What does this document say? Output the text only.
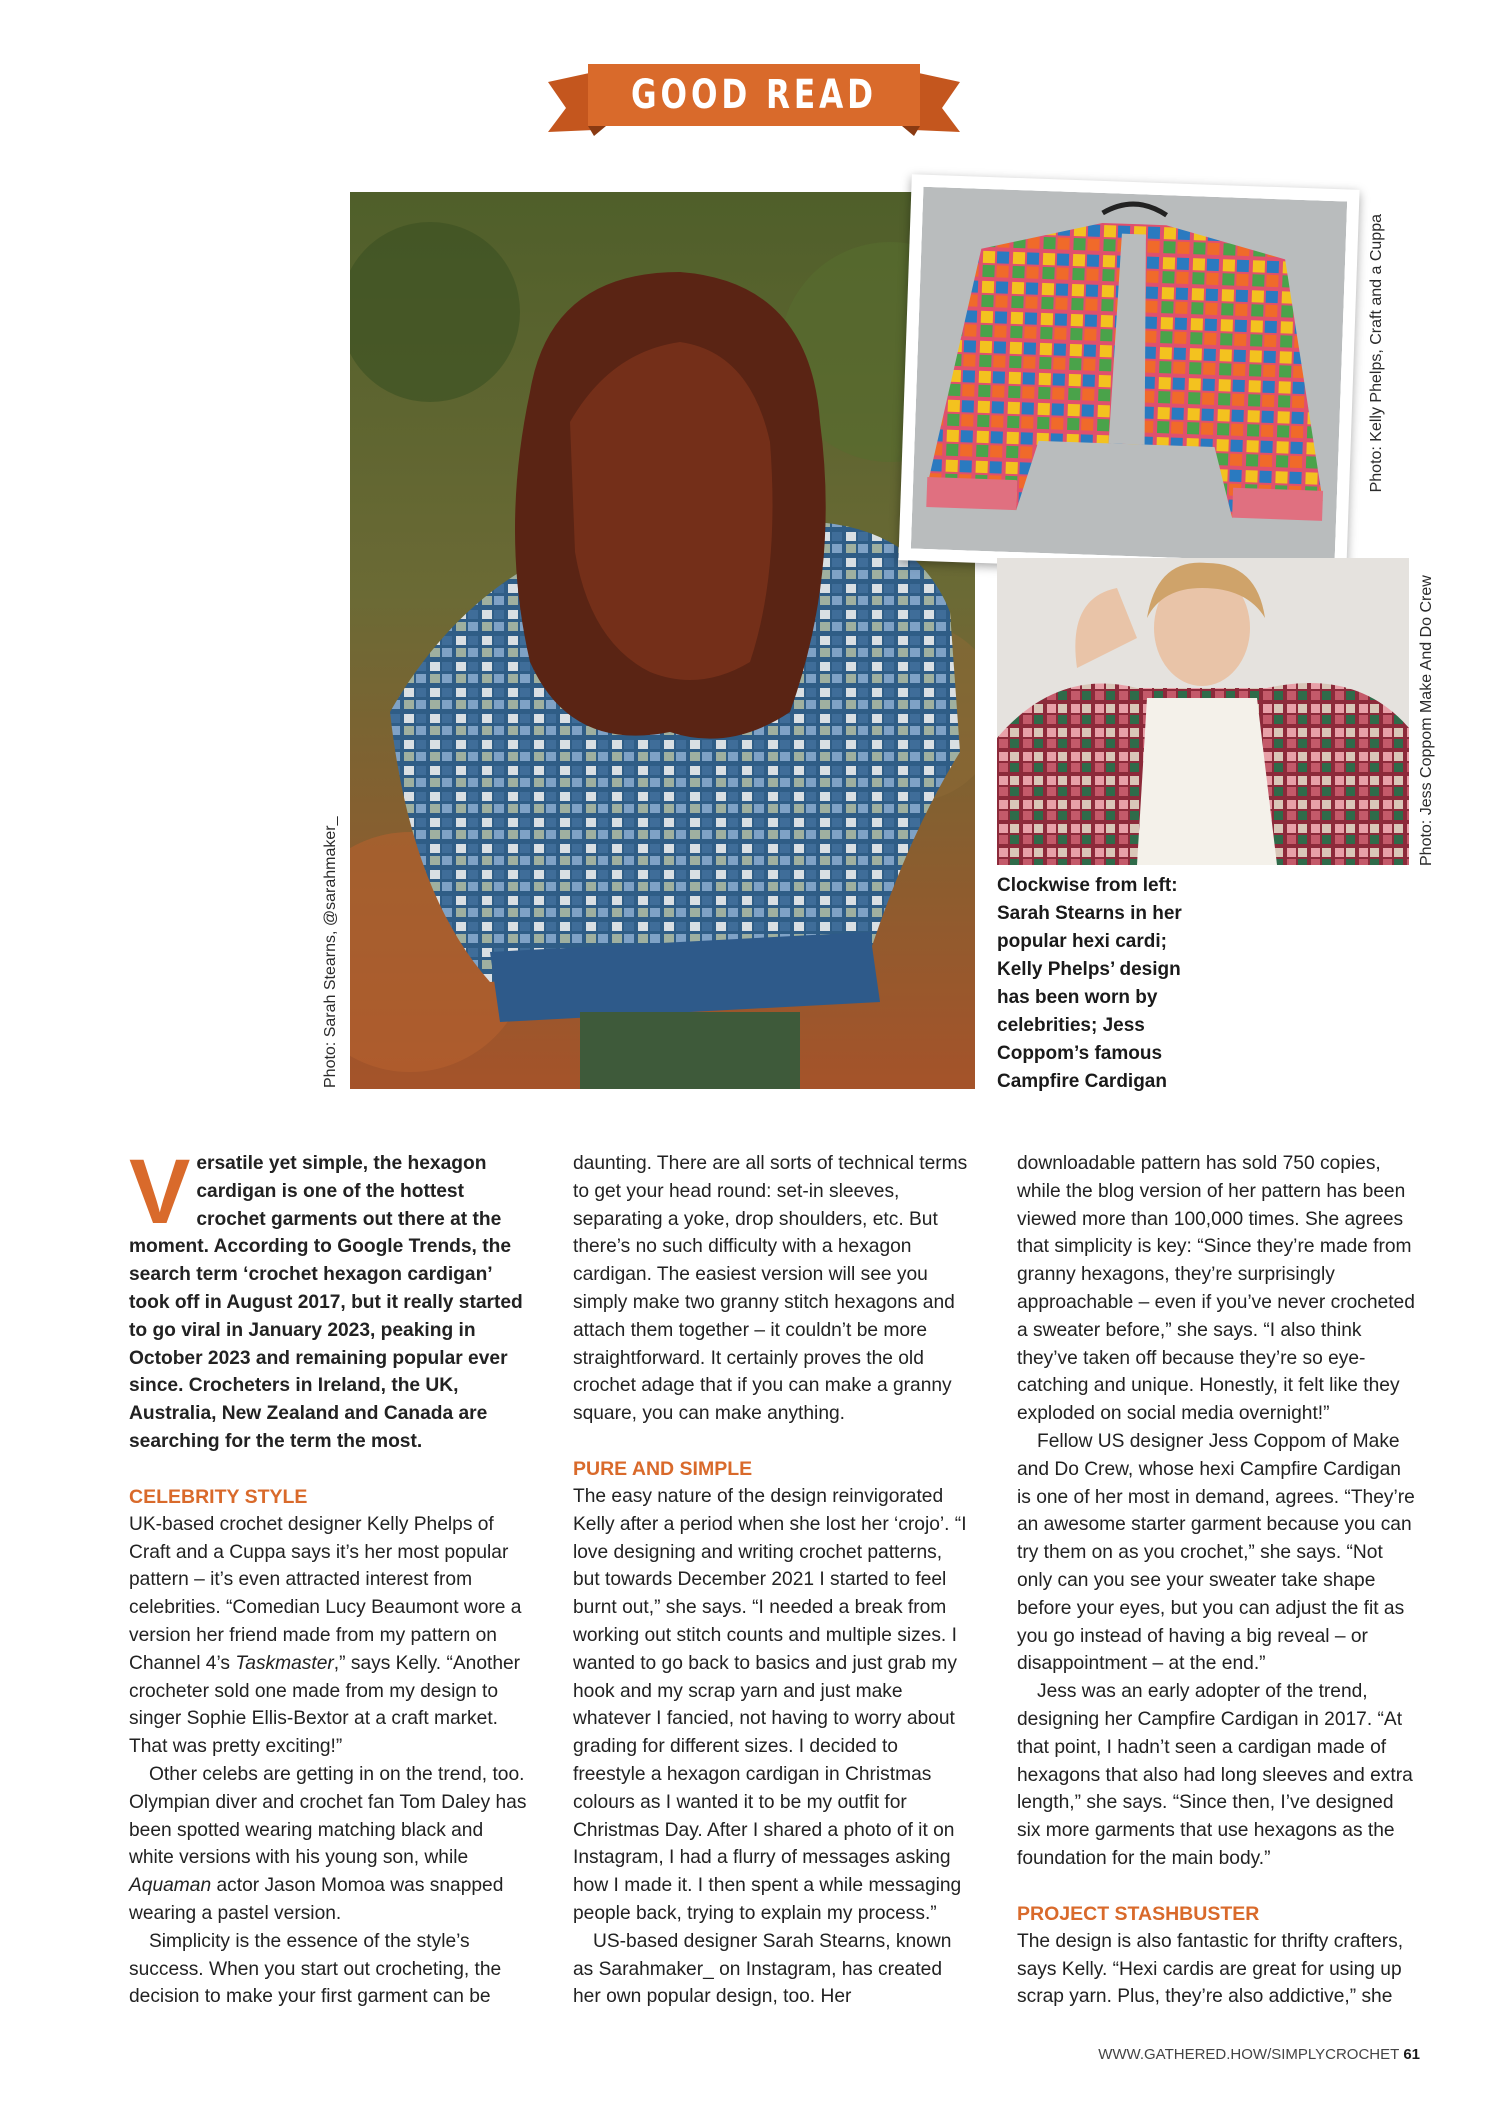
GOOD READ
Photo: Sarah Stearns, @sarahmaker_
Photo: Kelly Phelps, Craft and a Cuppa
Photo: Jess Coppom Make And Do Crew
Clockwise from left: Sarah Stearns in her popular hexi cardi; Kelly Phelps’ design has been worn by celebrities; Jess Coppom’s famous Campfire Cardigan

Versatile yet simple, the hexagon cardigan is one of the hottest crochet garments out there at the moment. According to Google Trends, the search term ‘crochet hexagon cardigan’ took off in August 2017, but it really started to go viral in January 2023, peaking in October 2023 and remaining popular ever since. Crocheters in Ireland, the UK, Australia, New Zealand and Canada are searching for the term the most.

CELEBRITY STYLE

UK-based crochet designer Kelly Phelps of Craft and a Cuppa says it’s her most popular pattern – it’s even attracted interest from celebrities. “Comedian Lucy Beaumont wore a version her friend made from my pattern on Channel 4’s Taskmaster,” says Kelly. “Another crocheter sold one made from my design to singer Sophie Ellis-Bextor at a craft market. That was pretty exciting!”

Other celebs are getting in on the trend, too. Olympian diver and crochet fan Tom Daley has been spotted wearing matching black and white versions with his young son, while Aquaman actor Jason Momoa was snapped wearing a pastel version.

Simplicity is the essence of the style’s success. When you start out crocheting, the decision to make your first garment can be

daunting. There are all sorts of technical terms to get your head round: set-in sleeves, separating a yoke, drop shoulders, etc. But there’s no such difficulty with a hexagon cardigan. The easiest version will see you simply make two granny stitch hexagons and attach them together – it couldn’t be more straightforward. It certainly proves the old crochet adage that if you can make a granny square, you can make anything.

PURE AND SIMPLE

The easy nature of the design reinvigorated Kelly after a period when she lost her ‘crojo’. “I love designing and writing crochet patterns, but towards December 2021 I started to feel burnt out,” she says. “I needed a break from working out stitch counts and multiple sizes. I wanted to go back to basics and just grab my hook and my scrap yarn and just make whatever I fancied, not having to worry about grading for different sizes. I decided to freestyle a hexagon cardigan in Christmas colours as I wanted it to be my outfit for Christmas Day. After I shared a photo of it on Instagram, I had a flurry of messages asking how I made it. I then spent a while messaging people back, trying to explain my process.”

US-based designer Sarah Stearns, known as Sarahmaker_ on Instagram, has created her own popular design, too. Her

downloadable pattern has sold 750 copies, while the blog version of her pattern has been viewed more than 100,000 times. She agrees that simplicity is key: “Since they’re made from granny hexagons, they’re surprisingly approachable – even if you’ve never crocheted a sweater before,” she says. “I also think they’ve taken off because they’re so eye-catching and unique. Honestly, it felt like they exploded on social media overnight!”

Fellow US designer Jess Coppom of Make and Do Crew, whose hexi Campfire Cardigan is one of her most in demand, agrees. “They’re an awesome starter garment because you can try them on as you crochet,” she says. “Not only can you see your sweater take shape before your eyes, but you can adjust the fit as you go instead of having a big reveal – or disappointment – at the end.”

Jess was an early adopter of the trend, designing her Campfire Cardigan in 2017. “At that point, I hadn’t seen a cardigan made of hexagons that also had long sleeves and extra length,” she says. “Since then, I’ve designed six more garments that use hexagons as the foundation for the main body.”

PROJECT STASHBUSTER

The design is also fantastic for thrifty crafters, says Kelly. “Hexi cardis are great for using up scrap yarn. Plus, they’re also addictive,” she

WWW.GATHERED.HOW/SIMPLYCROCHET 61
